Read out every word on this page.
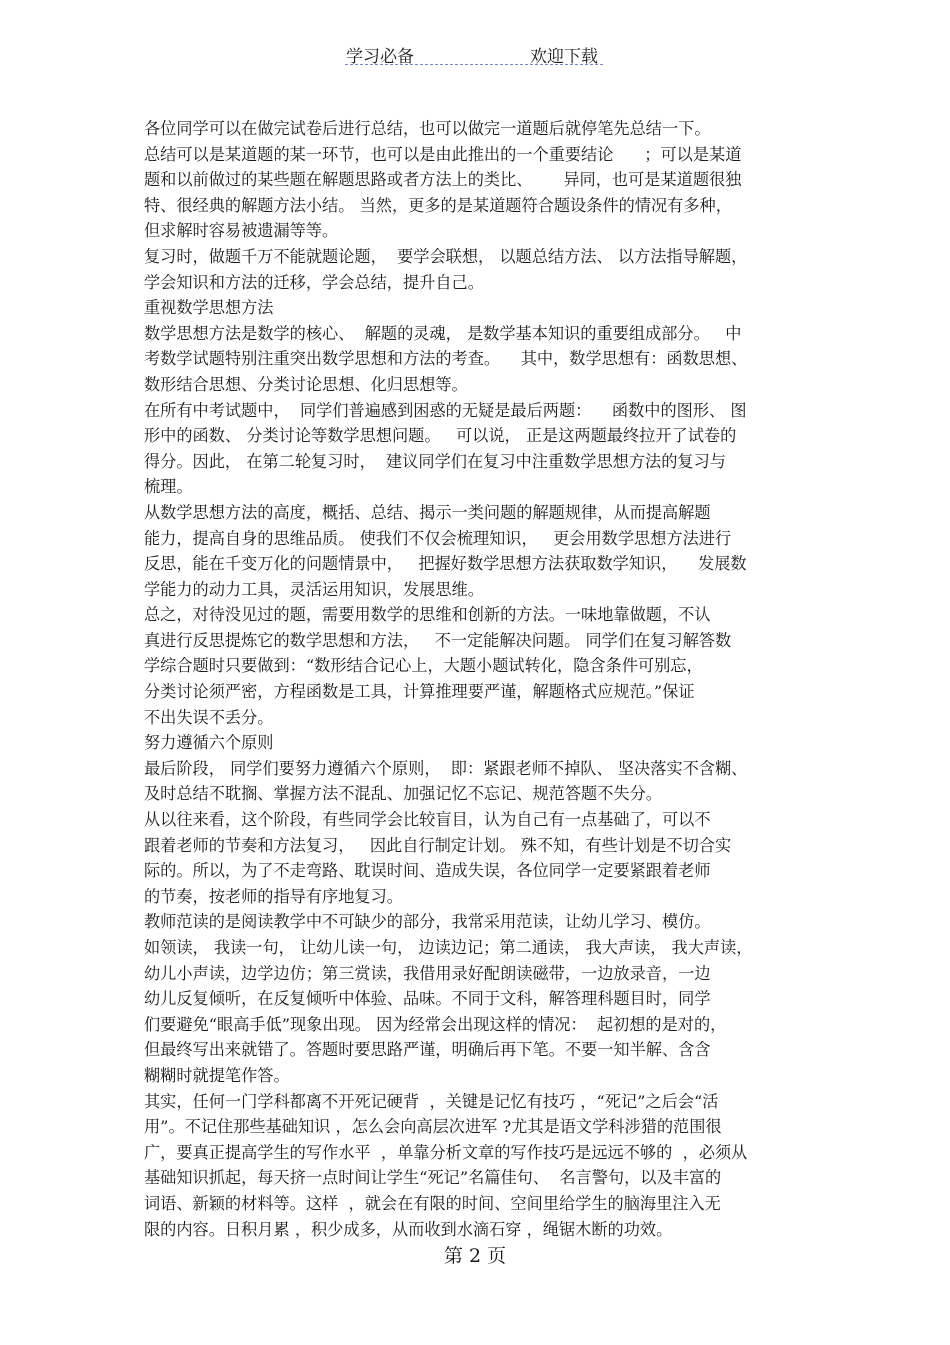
学习必备	欢迎下载
各位同学可以在做完试卷后进行总结，也可以做完一道题后就停笔先总结一下。
总结可以是某道题的某一环节，也可以是由此推出的一个重要结论      ；可以是某道
题和以前做过的某些题在解题思路或者方法上的类比、      异同，也可是某道题很独
特、很经典的解题方法小结。 当然，更多的是某道题符合题设条件的情况有多种，
但求解时容易被遗漏等等。
复习时，做题千万不能就题论题，  要学会联想， 以题总结方法、 以方法指导解题，
学会知识和方法的迁移，学会总结，提升自己。
重视数学思想方法
数学思想方法是数学的核心、  解题的灵魂， 是数学基本知识的重要组成部分。   中
考数学试题特别注重突出数学思想和方法的考查。    其中，数学思想有：函数思想、
数形结合思想、分类讨论思想、化归思想等。
在所有中考试题中，  同学们普遍感到困惑的无疑是最后两题：    函数中的图形、 图
形中的函数、 分类讨论等数学思想问题。   可以说， 正是这两题最终拉开了试卷的
得分。因此， 在第二轮复习时，  建议同学们在复习中注重数学思想方法的复习与
梳理。
从数学思想方法的高度，概括、总结、揭示一类问题的解题规律，从而提高解题
能力，提高自身的思维品质。 使我们不仅会梳理知识，   更会用数学思想方法进行
反思，能在千变万化的问题情景中，   把握好数学思想方法获取数学知识，    发展数
学能力的动力工具，灵活运用知识，发展思维。
总之，对待没见过的题，需要用数学的思维和创新的方法。一味地靠做题，不认
真进行反思提炼它的数学思想和方法，   不一定能解决问题。 同学们在复习解答数
学综合题时只要做到：“数形结合记心上，大题小题试转化，隐含条件可别忘，
分类讨论须严密，方程函数是工具，计算推理要严谨，解题格式应规范。”保证
不出失误不丢分。
努力遵循六个原则
最后阶段， 同学们要努力遵循六个原则，  即：紧跟老师不掉队、 坚决落实不含糊、
及时总结不耽搁、掌握方法不混乱、加强记忆不忘记、规范答题不失分。
从以往来看，这个阶段，有些同学会比较盲目，认为自己有一点基础了，可以不
跟着老师的节奏和方法复习，   因此自行制定计划。 殊不知，有些计划是不切合实
际的。所以，为了不走弯路、耽误时间、造成失误，各位同学一定要紧跟着老师
的节奏，按老师的指导有序地复习。
教师范读的是阅读教学中不可缺少的部分，我常采用范读，让幼儿学习、模仿。
如领读， 我读一句， 让幼儿读一句， 边读边记；第二通读， 我大声读， 我大声读，
幼儿小声读，边学边仿；第三赏读，我借用录好配朗读磁带，一边放录音，一边
幼儿反复倾听，在反复倾听中体验、品味。不同于文科，解答理科题目时，同学
们要避免“眼高手低”现象出现。 因为经常会出现这样的情况：  起初想的是对的，
但最终写出来就错了。答题时要思路严谨，明确后再下笔。不要一知半解、含含
糊糊时就提笔作答。
其实，任何一门学科都离不开死记硬背  ，关键是记忆有技巧 ，“死记”之后会“活
用”。不记住那些基础知识 ，怎么会向高层次进军 ?尤其是语文学科涉猎的范围很
广，要真正提高学生的写作水平  ，单靠分析文章的写作技巧是远远不够的  ，必须从
基础知识抓起，每天挤一点时间让学生“死记”名篇佳句、  名言警句，以及丰富的
词语、新颖的材料等。这样  ，就会在有限的时间、空间里给学生的脑海里注入无
限的内容。日积月累 ，积少成多，从而收到水滴石穿 ，绳锯木断的功效。
第 2 页
